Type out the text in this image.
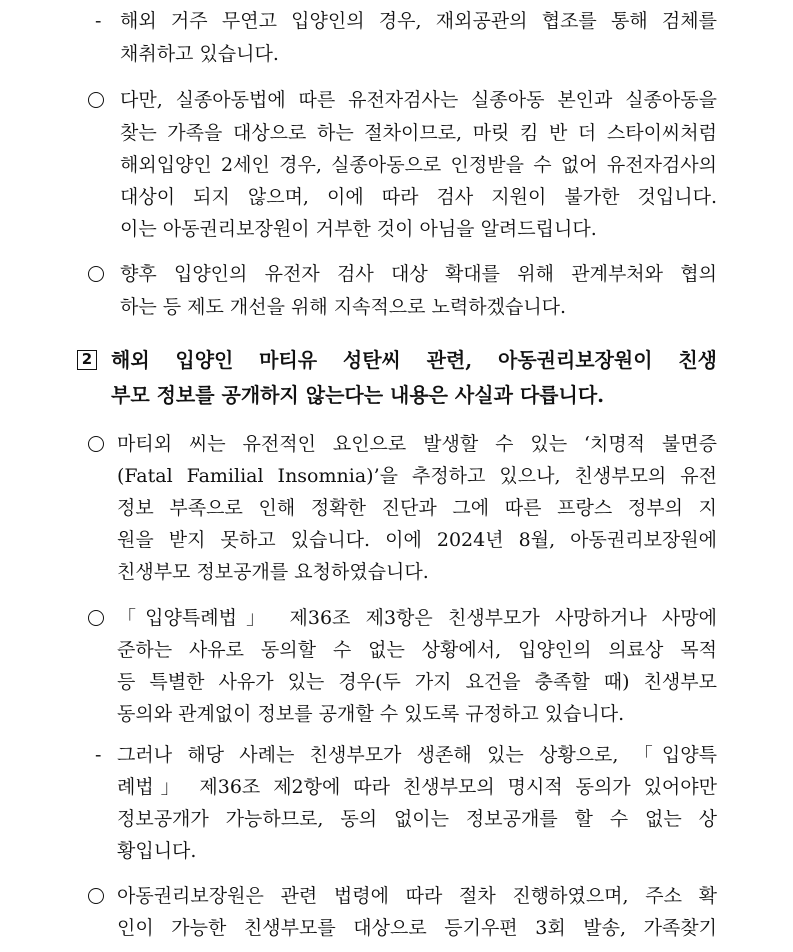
- 해외 거주 무연고 입양인의 경우, 재외공관의 협조를 통해 검체를
채취하고 있습니다.
다만, 실종아동법에 따른 유전자검사는 실종아동 본인과 실종아동을
찾는 가족을 대상으로 하는 절차이므로, 마릿 킴 반 더 스타이씨처럼
해외입양인 2세인 경우, 실종아동으로 인정받을 수 없어 유전자검사의
대상이 되지 않으며, 이에 따라 검사 지원이 불가한 것입니다.
이는 아동권리보장원이 거부한 것이 아님을 알려드립니다.
향후 입양인의 유전자 검사 대상 확대를 위해 관계부처와 협의
하는 등 제도 개선을 위해 지속적으로 노력하겠습니다.
2 해외 입양인 마티유 성탄씨 관련, 아동권리보장원이 친생
부모 정보를 공개하지 않는다는 내용은 사실과 다릅니다.
마티외 씨는 유전적인 요인으로 발생할 수 있는 ‘치명적 불면증
(Fatal Familial Insomnia)’을 추정하고 있으나, 친생부모의 유전
정보 부족으로 인해 정확한 진단과 그에 따른 프랑스 정부의 지
원을 받지 못하고 있습니다. 이에 2024년 8월, 아동권리보장원에
친생부모 정보공개를 요청하였습니다.
「입양특례법」 제36조 제3항은 친생부모가 사망하거나 사망에
준하는 사유로 동의할 수 없는 상황에서, 입양인의 의료상 목적
등 특별한 사유가 있는 경우(두 가지 요건을 충족할 때) 친생부모
동의와 관계없이 정보를 공개할 수 있도록 규정하고 있습니다.
- 그러나 해당 사례는 친생부모가 생존해 있는 상황으로, 「입양특
례법」 제36조 제2항에 따라 친생부모의 명시적 동의가 있어야만
정보공개가 가능하므로, 동의 없이는 정보공개를 할 수 없는 상
황입니다.
아동권리보장원은 관련 법령에 따라 절차 진행하였으며, 주소 확
인이 가능한 친생부모를 대상으로 등기우편 3회 발송, 가족찾기
